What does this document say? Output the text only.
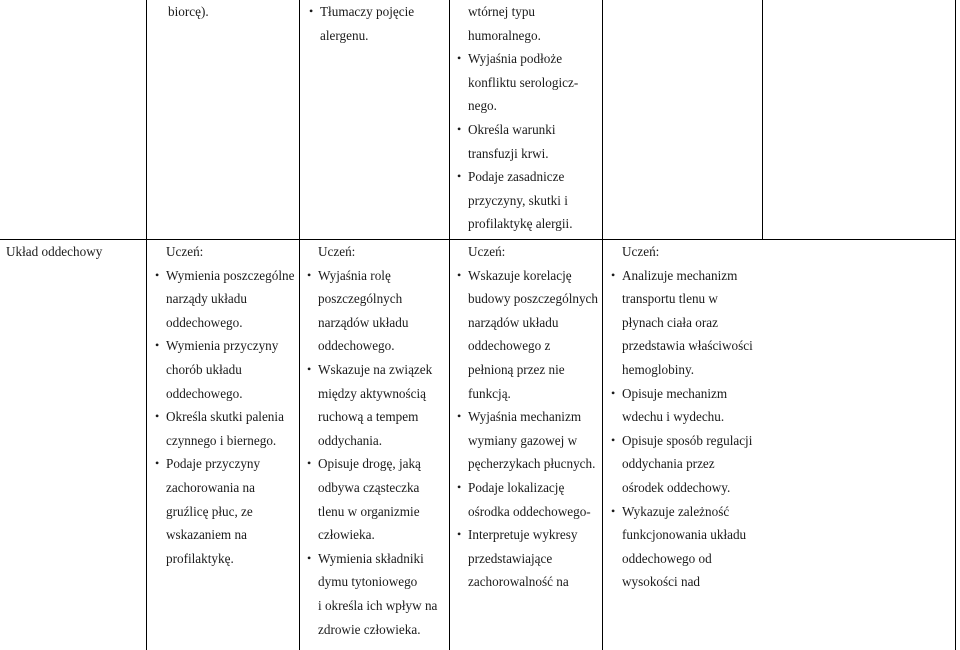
biorcę).	• Tłumaczy pojęcie
alergenu.
wtórnej typu
humoralnego.
• Wyjaśnia podłoże
konfliktu serologicz-
nego.
• Określa warunki
transfuzji krwi.
• Podaje zasadnicze
przyczyny, skutki i
profilaktykę alergii.
Układ oddechowy	Uczeń:
• Wymienia poszczególne
narządy układu
oddechowego.
• Wymienia przyczyny
chorób układu
oddechowego.
• Określa skutki palenia
czynnego i biernego.
• Podaje przyczyny
zachorowania na
gruźlicę płuc, ze
wskazaniem na
profilaktykę.
Uczeń:
• Wyjaśnia rolę
poszczególnych
narządów układu
oddechowego.
• Wskazuje na związek
między aktywnością
ruchową a tempem
oddychania.
• Opisuje drogę, jaką
odbywa cząsteczka
tlenu w organizmie
człowieka.
• Wymienia składniki
dymu tytoniowego
i określa ich wpływ na
zdrowie człowieka.
Uczeń:
• Wskazuje korelację
budowy poszczególnych
narządów układu
oddechowego z
pełnioną przez nie
funkcją.
• Wyjaśnia mechanizm
wymiany gazowej w
pęcherzykach płucnych.
• Podaje lokalizację
ośrodka oddechowego-
• Interpretuje wykresy
przedstawiające
zachorowalność na
Uczeń:
• Analizuje mechanizm
transportu tlenu w
płynach ciała oraz
przedstawia właściwości
hemoglobiny.
• Opisuje mechanizm
wdechu i wydechu.
• Opisuje sposób regulacji
oddychania przez
ośrodek oddechowy.
• Wykazuje zależność
funkcjonowania układu
oddechowego od
wysokości nad
